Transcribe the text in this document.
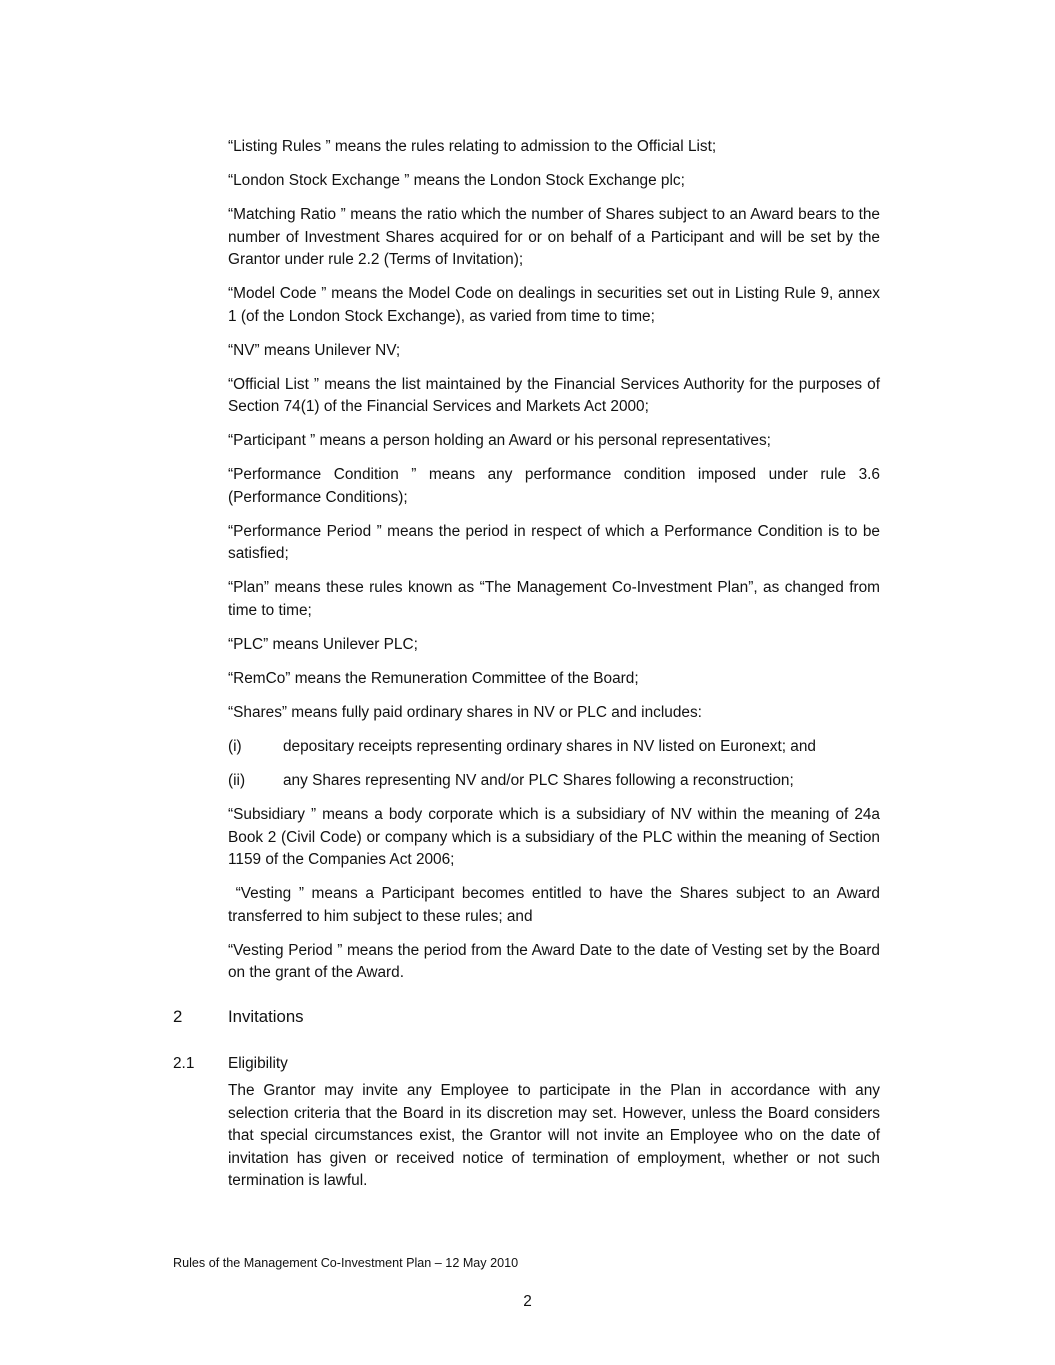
“Listing Rules ” means the rules relating to admission to the Official List;

“London Stock Exchange ” means the London Stock Exchange plc;

“Matching Ratio ” means the ratio which the number of Shares subject to an Award bears to the number of Investment Shares acquired for or on behalf of a Participant and will be set by the Grantor under rule 2.2 (Terms of Invitation);

“Model Code ” means the Model Code on dealings in securities set out in Listing Rule 9, annex 1 (of the London Stock Exchange), as varied from time to time;

“NV” means Unilever NV;

“Official List ” means the list maintained by the Financial Services Authority for the purposes of Section 74(1) of the Financial Services and Markets Act 2000;

“Participant ” means a person holding an Award or his personal representatives;

“Performance Condition ” means any performance condition imposed under rule 3.6 (Performance Conditions);

“Performance Period ” means the period in respect of which a Performance Condition is to be satisfied;

“Plan” means these rules known as “The Management Co-Investment Plan”, as changed from time to time;

“PLC” means Unilever PLC;

“RemCo” means the Remuneration Committee of the Board;

“Shares” means fully paid ordinary shares in NV or PLC and includes:

(i)	depositary receipts representing ordinary shares in NV listed on Euronext; and
(ii)	any Shares representing NV and/or PLC Shares following a reconstruction;

“Subsidiary ” means a body corporate which is a subsidiary of NV within the meaning of 24a Book 2 (Civil Code) or company which is a subsidiary of the PLC within the meaning of Section 1159 of the Companies Act 2006;

“Vesting ” means a Participant becomes entitled to have the Shares subject to an Award transferred to him subject to these rules; and

“Vesting Period ” means the period from the Award Date to the date of Vesting set by the Board on the grant of the Award.

2	Invitations
2.1	Eligibility

The Grantor may invite any Employee to participate in the Plan in accordance with any selection criteria that the Board in its discretion may set. However, unless the Board considers that special circumstances exist, the Grantor will not invite an Employee who on the date of invitation has given or received notice of termination of employment, whether or not such termination is lawful.

Rules of the Management Co-Investment Plan – 12 May 2010
2
